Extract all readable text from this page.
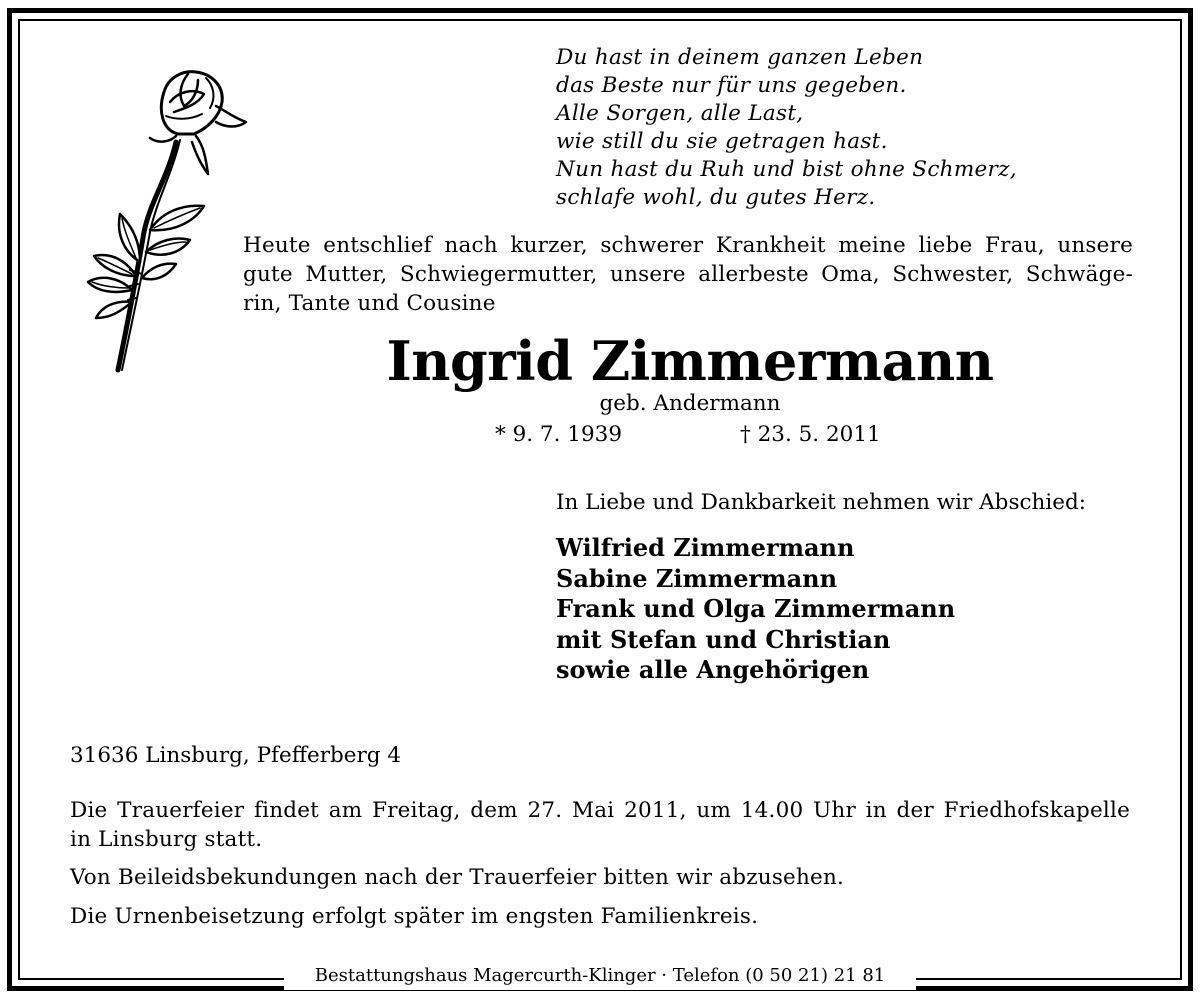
Du hast in deinem ganzen Leben
das Beste nur für uns gegeben.
Alle Sorgen, alle Last,
wie still du sie getragen hast.
Nun hast du Ruh und bist ohne Schmerz,
schlafe wohl, du gutes Herz.

Heute entschlief nach kurzer, schwerer Krankheit meine liebe Frau, unsere
gute Mutter, Schwiegermutter, unsere allerbeste Oma, Schwester, Schwäge-
rin, Tante und Cousine

Ingrid Zimmermann
geb. Andermann
* 9. 7. 1939	† 23. 5. 2011
In Liebe und Dankbarkeit nehmen wir Abschied:
Wilfried Zimmermann
Sabine Zimmermann
Frank und Olga Zimmermann
mit Stefan und Christian
sowie alle Angehörigen
31636 Linsburg, Pfefferberg 4

Die Trauerfeier findet am Freitag, dem 27. Mai 2011, um 14.00 Uhr in der Friedhofskapelle
in Linsburg statt.

Von Beileidsbekundungen nach der Trauerfeier bitten wir abzusehen.
Die Urnenbeisetzung erfolgt später im engsten Familienkreis.
Bestattungshaus Magercurth-Klinger · Telefon (0 50 21) 21 81
